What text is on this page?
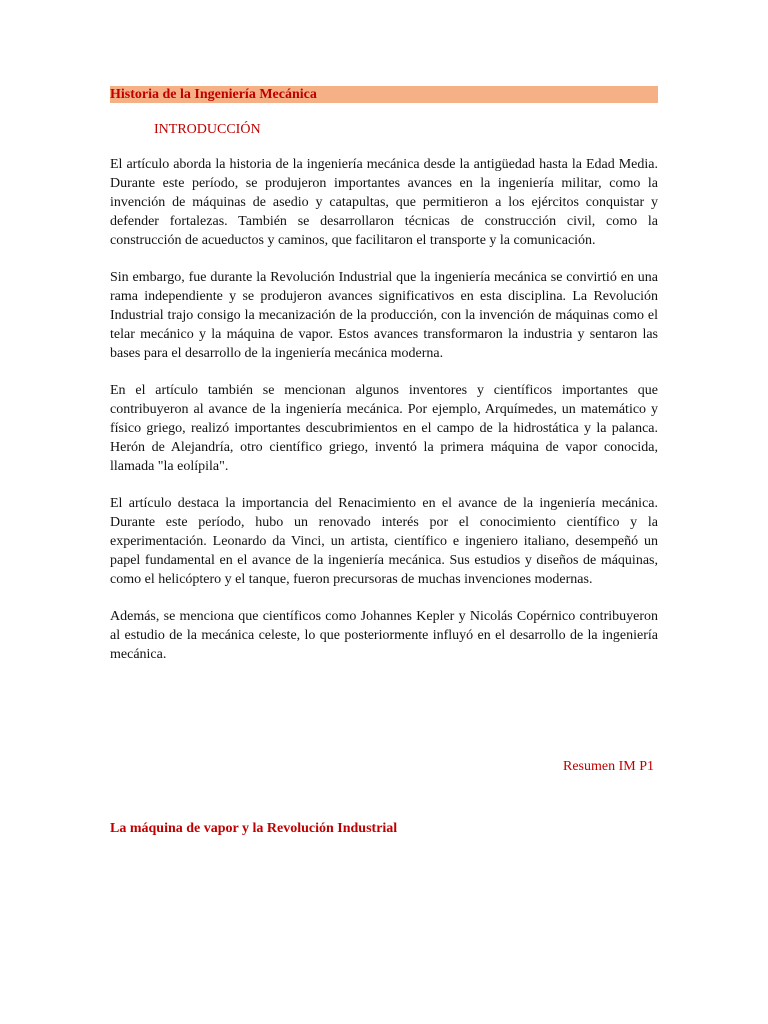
Historia de la Ingeniería Mecánica
INTRODUCCIÓN

El artículo aborda la historia de la ingeniería mecánica desde la antigüedad hasta la Edad Media. Durante este período, se produjeron importantes avances en la ingeniería militar, como la invención de máquinas de asedio y catapultas, que permitieron a los ejércitos conquistar y defender fortalezas. También se desarrollaron técnicas de construcción civil, como la construcción de acueductos y caminos, que facilitaron el transporte y la comunicación.

Sin embargo, fue durante la Revolución Industrial que la ingeniería mecánica se convirtió en una rama independiente y se produjeron avances significativos en esta disciplina. La Revolución Industrial trajo consigo la mecanización de la producción, con la invención de máquinas como el telar mecánico y la máquina de vapor. Estos avances transformaron la industria y sentaron las bases para el desarrollo de la ingeniería mecánica moderna.

En el artículo también se mencionan algunos inventores y científicos importantes que contribuyeron al avance de la ingeniería mecánica. Por ejemplo, Arquímedes, un matemático y físico griego, realizó importantes descubrimientos en el campo de la hidrostática y la palanca. Herón de Alejandría, otro científico griego, inventó la primera máquina de vapor conocida, llamada "la eolípila".

El artículo destaca la importancia del Renacimiento en el avance de la ingeniería mecánica. Durante este período, hubo un renovado interés por el conocimiento científico y la experimentación. Leonardo da Vinci, un artista, científico e ingeniero italiano, desempeñó un papel fundamental en el avance de la ingeniería mecánica. Sus estudios y diseños de máquinas, como el helicóptero y el tanque, fueron precursoras de muchas invenciones modernas.

Además, se menciona que científicos como Johannes Kepler y Nicolás Copérnico contribuyeron al estudio de la mecánica celeste, lo que posteriormente influyó en el desarrollo de la ingeniería mecánica.

Resumen IM P1
La máquina de vapor y la Revolución Industrial
